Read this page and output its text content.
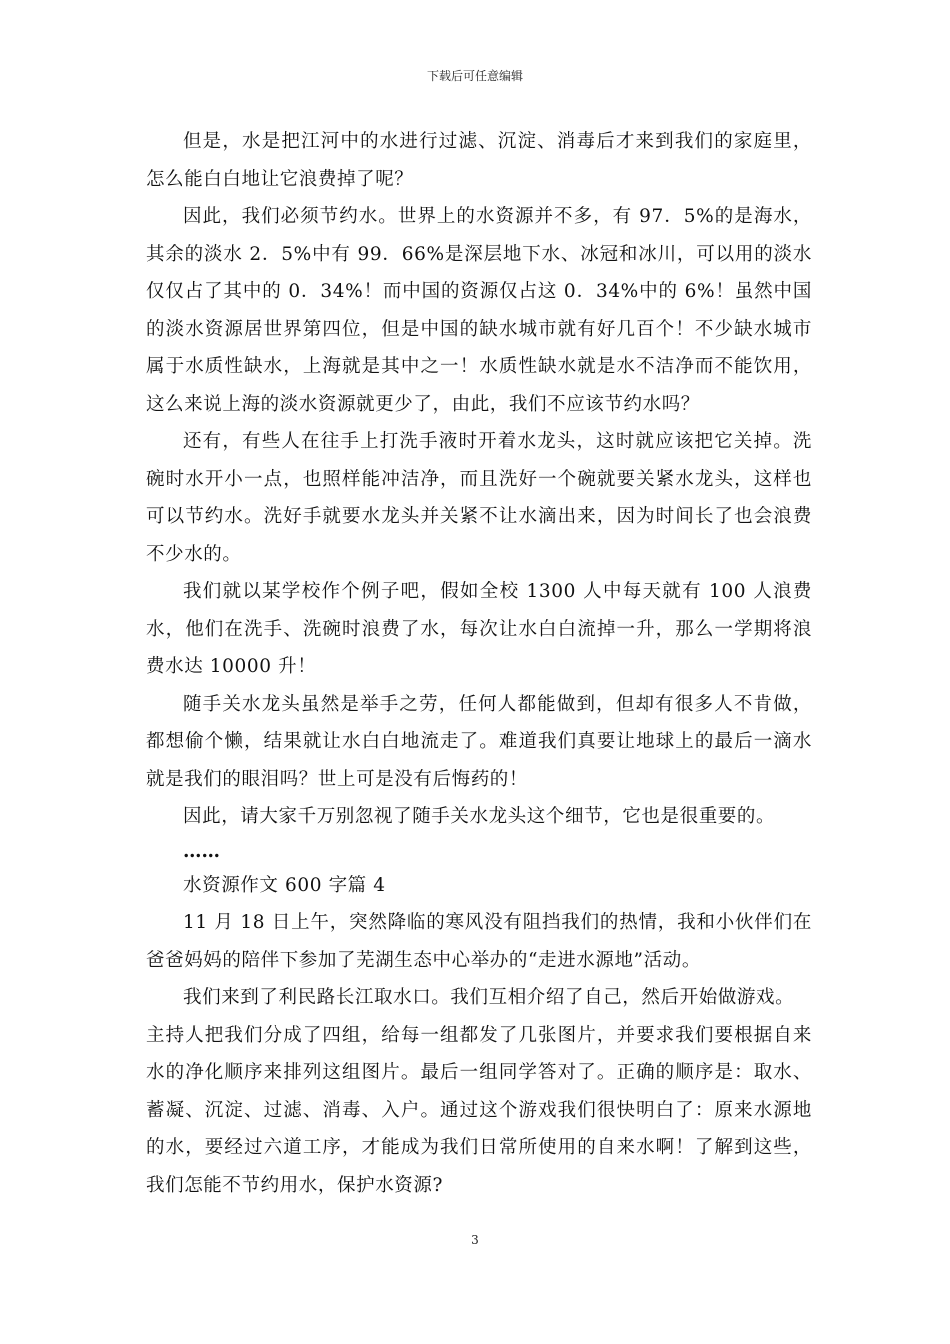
下载后可任意编辑

但是，水是把江河中的水进行过滤、沉淀、消毒后才来到我们的家庭里，怎么能白白地让它浪费掉了呢？

因此，我们必须节约水。世界上的水资源并不多，有 97．5%的是海水，其余的淡水 2．5%中有 99．66%是深层地下水、冰冠和冰川，可以用的淡水仅仅占了其中的 0．34%！而中国的资源仅占这 0．34%中的 6%！虽然中国的淡水资源居世界第四位，但是中国的缺水城市就有好几百个！不少缺水城市属于水质性缺水，上海就是其中之一！水质性缺水就是水不洁净而不能饮用，这么来说上海的淡水资源就更少了，由此，我们不应该节约水吗？

还有，有些人在往手上打洗手液时开着水龙头，这时就应该把它关掉。洗碗时水开小一点，也照样能冲洁净，而且洗好一个碗就要关紧水龙头，这样也可以节约水。洗好手就要水龙头并关紧不让水滴出来，因为时间长了也会浪费不少水的。

我们就以某学校作个例子吧，假如全校 1300 人中每天就有 100 人浪费水，他们在洗手、洗碗时浪费了水，每次让水白白流掉一升，那么一学期将浪费水达 10000 升！

随手关水龙头虽然是举手之劳，任何人都能做到，但却有很多人不肯做，都想偷个懒，结果就让水白白地流走了。难道我们真要让地球上的最后一滴水就是我们的眼泪吗？世上可是没有后悔药的！

因此，请大家千万别忽视了随手关水龙头这个细节，它也是很重要的。

……

水资源作文 600 字篇 4

11 月 18 日上午，突然降临的寒风没有阻挡我们的热情，我和小伙伴们在爸爸妈妈的陪伴下参加了芜湖生态中心举办的“走进水源地”活动。

我们来到了利民路长江取水口。我们互相介绍了自己，然后开始做游戏。

主持人把我们分成了四组，给每一组都发了几张图片，并要求我们要根据自来水的净化顺序来排列这组图片。最后一组同学答对了。正确的顺序是：取水、蓄凝、沉淀、过滤、消毒、入户。通过这个游戏我们很快明白了：原来水源地的水，要经过六道工序，才能成为我们日常所使用的自来水啊！了解到这些，我们怎能不节约用水，保护水资源?

3
